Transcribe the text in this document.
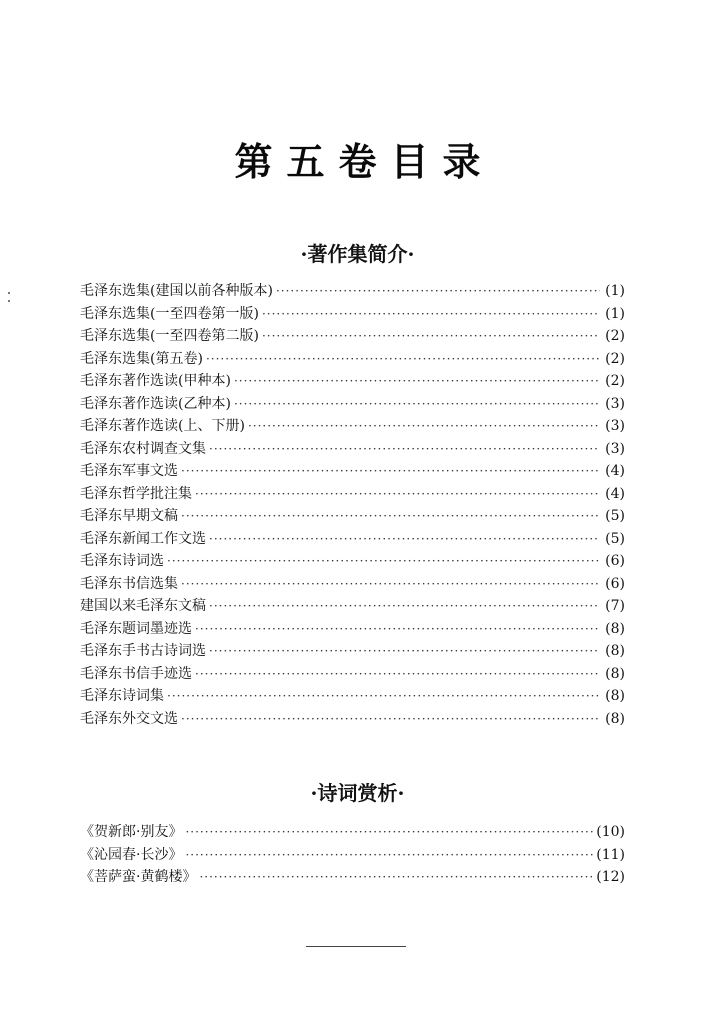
第五卷目录
·著作集简介·
毛泽东选集(建国以前各种版本) ·····	(1)
毛泽东选集(一至四卷第一版) ·····	(1)
毛泽东选集(一至四卷第二版) ·····	(2)
毛泽东选集(第五卷) ·····	(2)
毛泽东著作选读(甲种本) ·····	(2)
毛泽东著作选读(乙种本) ·····	(3)
毛泽东著作选读(上、下册) ·····	(3)
毛泽东农村调查文集 ·····	(3)
毛泽东军事文选 ·····	(4)
毛泽东哲学批注集 ·····	(4)
毛泽东早期文稿 ·····	(5)
毛泽东新闻工作文选 ·····	(5)
毛泽东诗词选 ·····	(6)
毛泽东书信选集 ·····	(6)
建国以来毛泽东文稿 ·····	(7)
毛泽东题词墨迹选 ·····	(8)
毛泽东手书古诗词选 ·····	(8)
毛泽东书信手迹选 ·····	(8)
毛泽东诗词集 ·····	(8)
毛泽东外交文选 ·····	(8)
·诗词赏析·
《贺新郎·别友》 ·····	(10)
《沁园春·长沙》 ·····	(11)
《菩萨蛮·黄鹤楼》 ·····	(12)
